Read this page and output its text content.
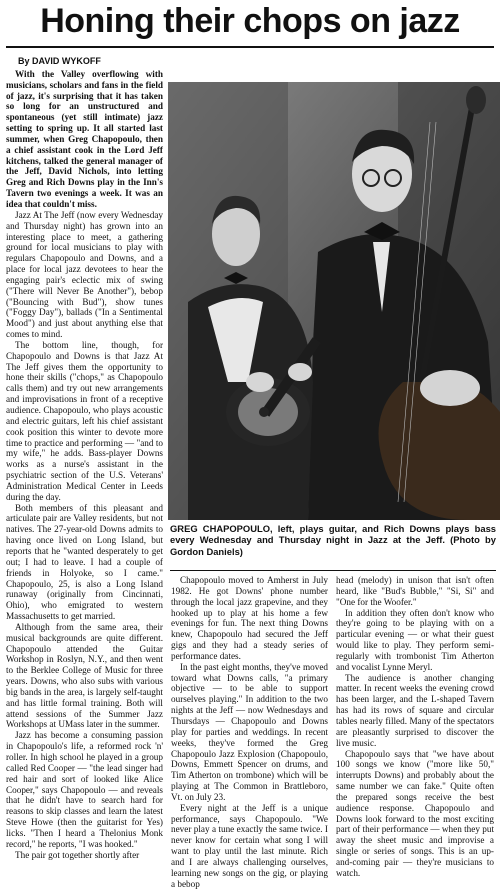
Honing their chops on jazz

By DAVID WYKOFF

With the Valley overflowing with musicians, scholars and fans in the field of jazz, it's surprising that it has taken so long for an unstructured and spontaneous (yet still intimate) jazz setting to spring up. It all started last summer, when Greg Chapopoulo, then a chief assistant cook in the Lord Jeff kitchens, talked the general manager of the Jeff, David Nichols, into letting Greg and Rich Downs play in the Inn's Tavern two evenings a week. It was an idea that couldn't miss.

Jazz At The Jeff (now every Wednesday and Thursday night) has grown into an interesting place to meet, a gathering ground for local musicians to play with regulars Chapopoulo and Downs, and a place for local jazz devotees to hear the engaging pair's eclectic mix of swing ("There will Never Be Another"), bebop ("Bouncing with Bud"), show tunes ("Foggy Day"), ballads ("In a Sentimental Mood") and just about anything else that comes to mind.

The bottom line, though, for Chapopoulo and Downs is that Jazz At The Jeff gives them the opportunity to hone their skills ("chops," as Chapopoulo calls them) and try out new arrangements and improvisations in front of a receptive audience. Chapopoulo, who plays acoustic and electric guitars, left his chief assistant cook position this winter to devote more time to practice and performing — "and to my wife," he adds. Bass-player Downs works as a nurse's assistant in the psychiatric section of the U.S. Veterans' Administration Medical Center in Leeds during the day.

Both members of this pleasant and articulate pair are Valley residents, but not natives. The 27-year-old Downs admits to having once lived on Long Island, but reports that he "wanted desperately to get out; I had to leave. I had a couple of friends in Holyoke, so I came." Chapopoulo, 25, is also a Long Island runaway (originally from Cincinnati, Ohio), who emigrated to western Massachusetts to get married.

Although from the same area, their musical backgrounds are quite different. Chapopoulo attended the Guitar Workshop in Roslyn, N.Y., and then went to the Berklee College of Music for three years. Downs, who also subs with various big bands in the area, is largely self-taught and has little formal training. Both will attend sessions of the Summer Jazz Workshops at UMass later in the summer.

Jazz has become a consuming passion in Chapopoulo's life, a reformed rock 'n' roller. In high school he played in a group called Red Cooper — "the lead singer had red hair and sort of looked like Alice Cooper," says Chapopoulo — and reveals that he didn't have to search hard for reasons to skip classes and learn the latest Steve Howe (then the guitarist for Yes) licks. "Then I heard a Thelonius Monk record," he reports, "I was hooked."

The pair got together shortly after

GREG CHAPOPOULO, left, plays guitar, and Rich Downs plays bass every Wednesday and Thursday night in Jazz at the Jeff. (Photo by Gordon Daniels)

Chapopoulo moved to Amherst in July 1982. He got Downs' phone number through the local jazz grapevine, and they hooked up to play at his home a few evenings for fun. The next thing Downs knew, Chapopoulo had secured the Jeff gigs and they had a steady series of performance dates.

In the past eight months, they've moved toward what Downs calls, "a primary objective — to be able to support ourselves playing." In addition to the two nights at the Jeff — now Wednesdays and Thursdays — Chapopoulo and Downs play for parties and weddings. In recent weeks, they've formed the Greg Chapopoulo Jazz Explosion (Chapopoulo, Downs, Emmett Spencer on drums, and Tim Atherton on trombone) which will be playing at The Common in Brattleboro, Vt. on July 23.

Every night at the Jeff is a unique performance, says Chapopoulo. "We never play a tune exactly the same twice. I never know for certain what song I will want to play until the last minute. Rich and I are always challenging ourselves, learning new songs on the gig, or playing a bebop

head (melody) in unison that isn't often heard, like "Bud's Bubble," "Si, Si" and "One for the Woofer."

In addition they often don't know who they're going to be playing with on a particular evening — or what their guest would like to play. They perform semi-regularly with trombonist Tim Atherton and vocalist Lynne Meryl.

The audience is another changing matter. In recent weeks the evening crowd has been larger, and the L-shaped Tavern has had its rows of square and circular tables nearly filled. Many of the spectators are pleasantly surprised to discover the live music.

Chapopoulo says that "we have about 100 songs we know ("more like 50," interrupts Downs) and probably about the same number we can fake." Quite often the prepared songs receive the best audience response. Chapopoulo and Downs look forward to the most exciting part of their performance — when they put away the sheet music and improvise a single or series of songs. This is an up-and-coming pair — they're musicians to watch.
